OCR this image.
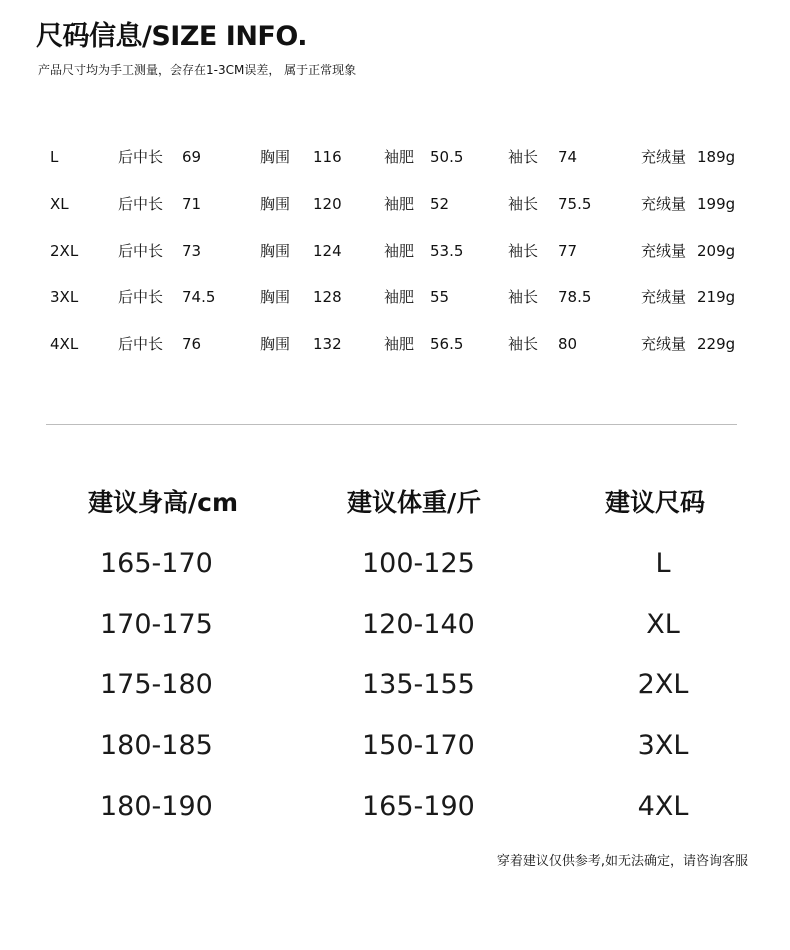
尺码信息/SIZE INFO.
产品尺寸均为手工测量，会存在1-3CM误差， 属于正常现象
L	后中长 69	胸围 116	袖肥 50.5	袖长 74	充绒量 189g
XL	后中长 71	胸围 120	袖肥 52	袖长 75.5	充绒量 199g
2XL	后中长 73	胸围 124	袖肥 53.5	袖长 77	充绒量 209g
3XL	后中长 74.5	胸围 128	袖肥 55	袖长 78.5	充绒量 219g
4XL	后中长 76	胸围 132	袖肥 56.5	袖长 80	充绒量 229g
建议身高/cm	建议体重/斤	建议尺码
165-170	100-125	L
170-175	120-140	XL
175-180	135-155	2XL
180-185	150-170	3XL
180-190	165-190	4XL
穿着建议仅供参考,如无法确定，请咨询客服
